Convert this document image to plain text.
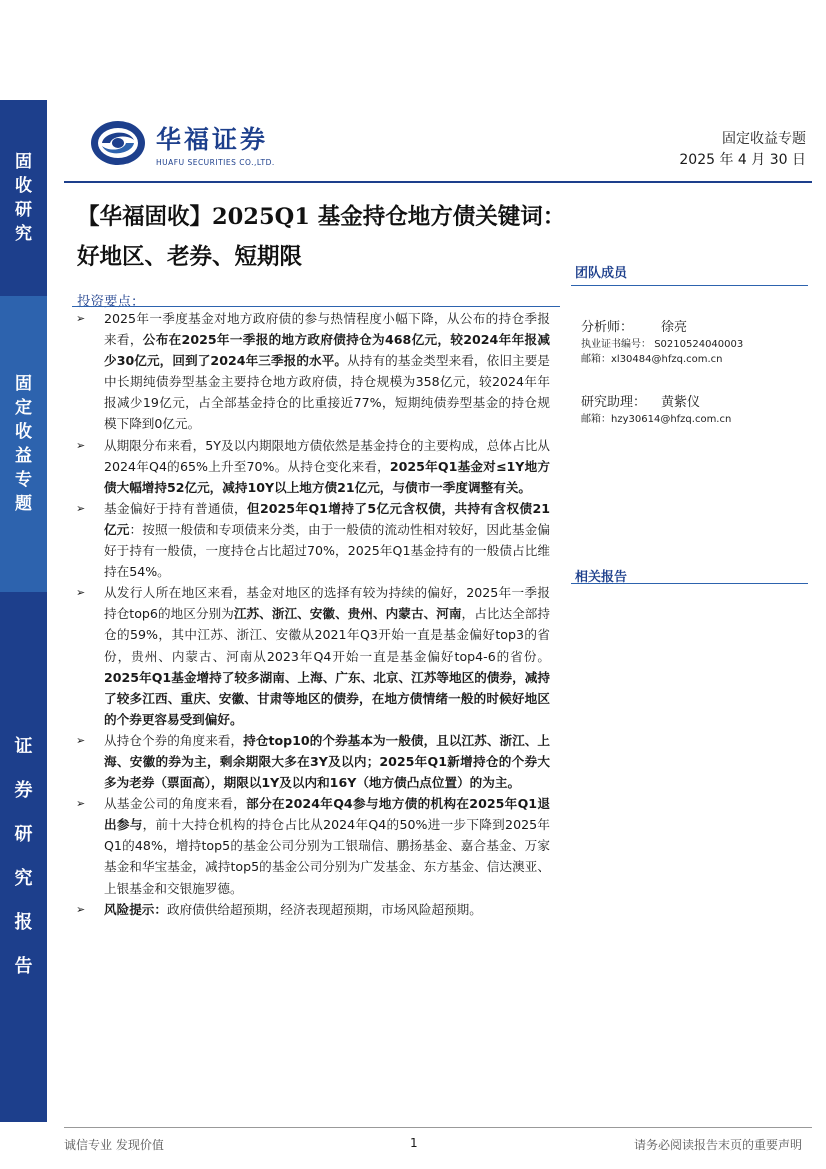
固
收
研
究
固
定
收
益
专
题
证
券
研
究
报
告
华福证券
HUAFU SECURITIES CO.,LTD.
固定收益专题
2025 年 4 月 30 日
【华福固收】2025Q1 基金持仓地方债关键词：好地区、老券、短期限
投资要点：
➢ 2025年一季度基金对地方政府债的参与热情程度小幅下降，从公布的持仓季报来看，公布在2025年一季报的地方政府债持仓为468亿元，较2024年年报减少30亿元，回到了2024年三季报的水平。从持有的基金类型来看，依旧主要是中长期纯债券型基金主要持仓地方政府债，持仓规模为358亿元，较2024年年报减少19亿元，占全部基金持仓的比重接近77%，短期纯债券型基金的持仓规模下降到0亿元。
➢ 从期限分布来看，5Y及以内期限地方债依然是基金持仓的主要构成，总体占比从2024年Q4的65%上升至70%。从持仓变化来看，2025年Q1基金对≤1Y地方债大幅增持52亿元，减持10Y以上地方债21亿元，与债市一季度调整有关。
➢ 基金偏好于持有普通债，但2025年Q1增持了5亿元含权债，共持有含权债21亿元：按照一般债和专项债来分类，由于一般债的流动性相对较好，因此基金偏好于持有一般债，一度持仓占比超过70%，2025年Q1基金持有的一般债占比维持在54%。
➢ 从发行人所在地区来看，基金对地区的选择有较为持续的偏好，2025年一季报持仓top6的地区分别为江苏、浙江、安徽、贵州、内蒙古、河南，占比达全部持仓的59%，其中江苏、浙江、安徽从2021年Q3开始一直是基金偏好top3的省份，贵州、内蒙古、河南从2023年Q4开始一直是基金偏好top4-6的省份。2025年Q1基金增持了较多湖南、上海、广东、北京、江苏等地区的债券，减持了较多江西、重庆、安徽、甘肃等地区的债券，在地方债情绪一般的时候好地区的个券更容易受到偏好。
➢ 从持仓个券的角度来看，持仓top10的个券基本为一般债，且以江苏、浙江、上海、安徽的券为主，剩余期限大多在3Y及以内；2025年Q1新增持仓的个券大多为老券（票面高），期限以1Y及以内和16Y（地方债凸点位置）的为主。
➢ 从基金公司的角度来看，部分在2024年Q4参与地方债的机构在2025年Q1退出参与，前十大持仓机构的持仓占比从2024年Q4的50%进一步下降到2025年Q1的48%，增持top5的基金公司分别为工银瑞信、鹏扬基金、嘉合基金、万家基金和华宝基金，减持top5的基金公司分别为广发基金、东方基金、信达澳亚、上银基金和交银施罗德。
➢ 风险提示：政府债供给超预期，经济表现超预期，市场风险超预期。
团队成员
分析师： 徐亮
执业证书编号： S0210524040003
邮箱：xl30484@hfzq.com.cn
研究助理： 黄紫仪
邮箱：hzy30614@hfzq.com.cn
相关报告
诚信专业 发现价值	1	请务必阅读报告末页的重要声明
